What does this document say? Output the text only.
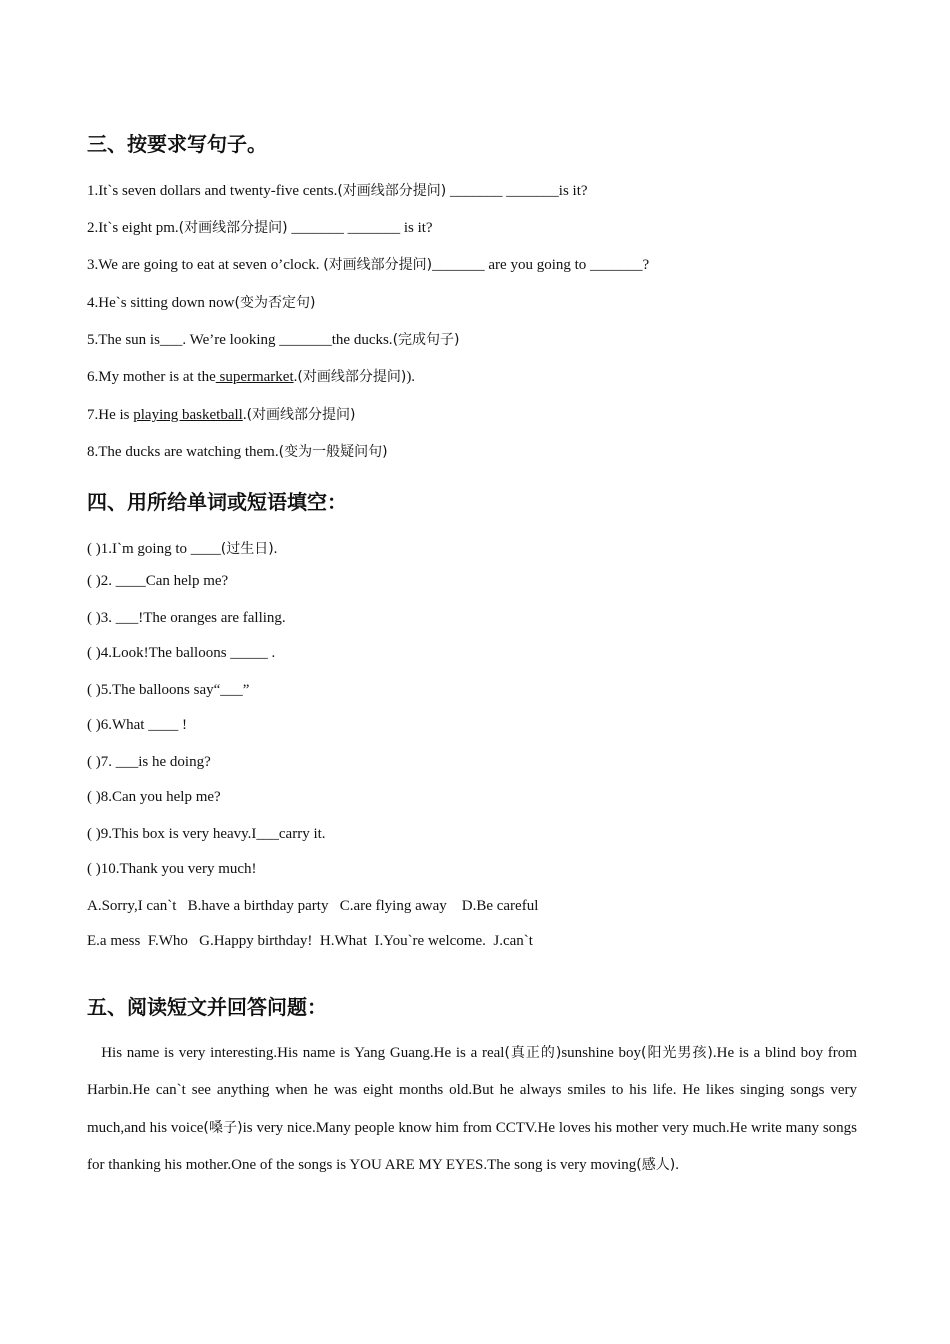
三、按要求写句子。
1.It`s seven dollars and twenty-five cents.(对画线部分提问) _______ _______is it?
2.It`s eight pm.(对画线部分提问) _______ _______ is it?
3.We are going to eat at seven o’clock. (对画线部分提问)_______ are you going to _______?
4.He`s sitting down now(变为否定句)
5.The sun is___. We’re looking _______the ducks.(完成句子)
6.My mother is at the supermarket.(对画线部分提问)).
7.He is playing basketball.(对画线部分提问)
8.The ducks are watching them.(变为一般疑问句)
四、用所给单词或短语填空：
( )1.I`m going to ____(过生日).
( )2. ____Can help me?
( )3. ___!The oranges are falling.
( )4.Look!The balloons _____ .
( )5.The balloons say“___”
( )6.What ____ !
( )7. ___is he doing?
( )8.Can you help me?
( )9.This box is very heavy.I___carry it.
( )10.Thank you very much!
A.Sorry,I can`t   B.have a birthday party   C.are flying away    D.Be careful
E.a mess  F.Who   G.Happy birthday!  H.What  I.You`re welcome.  J.can`t
五、阅读短文并回答问题：
His name is very interesting.His name is Yang Guang.He is a real(真正的)sunshine boy(阳光男孩).He is a blind boy from Harbin.He can`t see anything when he was eight months old.But he always smiles to his life. He likes singing songs very much,and his voice(嗓子)is very nice.Many people know him from CCTV.He loves his mother very much.He write many songs for thanking his mother.One of the songs is YOU ARE MY EYES.The song is very moving(感人).
